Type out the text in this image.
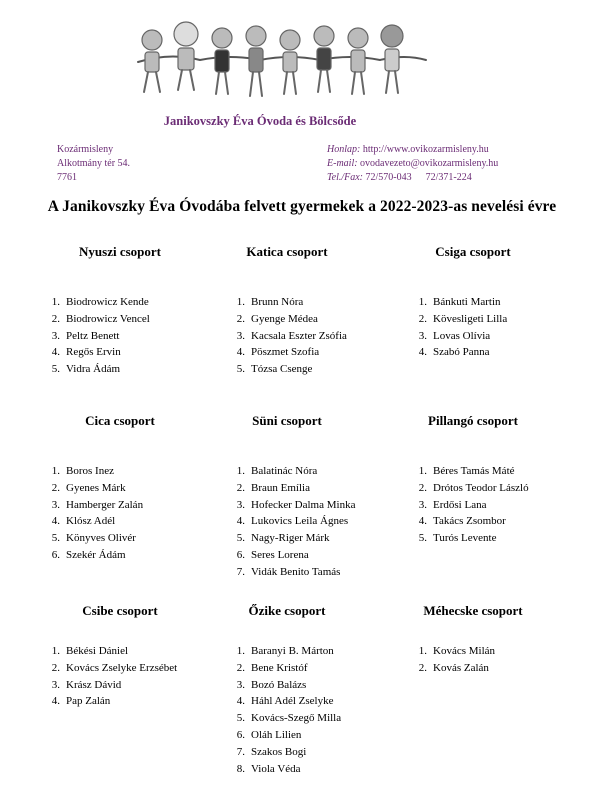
Janikovszky Éva Óvoda és Bölcsőde
Kozármisleny
Alkotmány tér 54.
7761
Honlap: http://www.ovikozarmisleny.hu
E-mail: ovodavezeto@ovikozarmisleny.hu
Tel./Fax: 72/570-043 72/371-224
A Janikovszky Éva Óvodába felvett gyermekek a 2022-2023-as nevelési évre
Nyuszi csoport
1. Biodrowicz Kende
2. Biodrowicz Vencel
3. Peltz Benett
4. Regős Ervin
5. Vidra Ádám
Katica csoport
1. Brunn Nóra
2. Gyenge Médea
3. Kacsala Eszter Zsófia
4. Pöszmet Szofia
5. Tózsa Csenge
Csiga csoport
1. Bánkuti Martin
2. Kövesligeti Lilla
3. Lovas Olívia
4. Szabó Panna
Cica csoport
1. Boros Inez
2. Gyenes Márk
3. Hamberger Zalán
4. Klósz Adél
5. Könyves Olivér
6. Szekér Ádám
Süni csoport
1. Balatinác Nóra
2. Braun Emília
3. Hofecker Dalma Minka
4. Lukovics Leila Ágnes
5. Nagy-Riger Márk
6. Seres Lorena
7. Vidák Benito Tamás
Pillangó csoport
1. Béres Tamás Máté
2. Drótos Teodor László
3. Erdősi Lana
4. Takács Zsombor
5. Turós Levente
Csibe csoport
1. Békési Dániel
2. Kovács Zselyke Erzsébet
3. Krász Dávid
4. Pap Zalán
Őzike csoport
1. Baranyi B. Márton
2. Bene Kristóf
3. Bozó Balázs
4. Háhl Adél Zselyke
5. Kovács-Szegő Milla
6. Oláh Lilien
7. Szakos Bogi
8. Viola Véda
Méhecske csoport
1. Kovács Milán
2. Kovás Zalán
